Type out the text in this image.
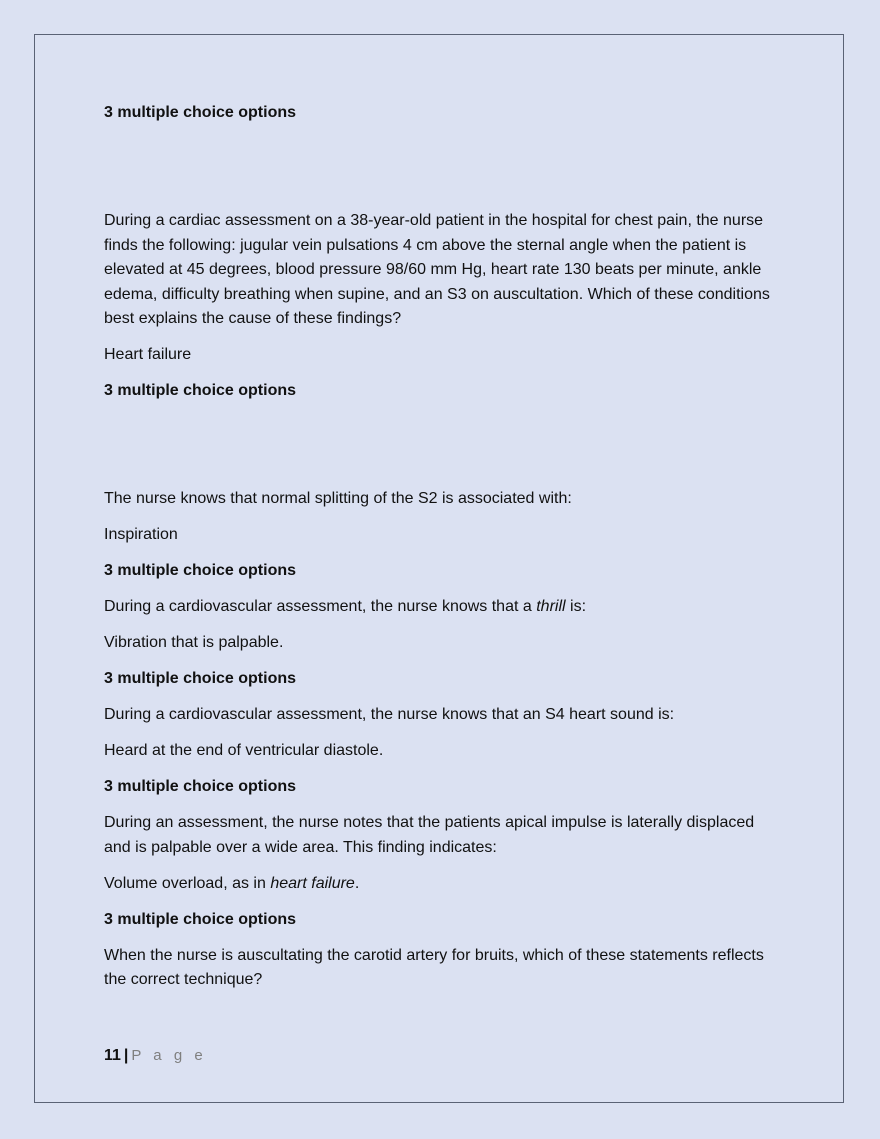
3 multiple choice options

During a cardiac assessment on a 38-year-old patient in the hospital for chest pain, the nurse finds the following: jugular vein pulsations 4 cm above the sternal angle when the patient is elevated at 45 degrees, blood pressure 98/60 mm Hg, heart rate 130 beats per minute, ankle edema, difficulty breathing when supine, and an S3 on auscultation. Which of these conditions best explains the cause of these findings?

Heart failure

3 multiple choice options

The nurse knows that normal splitting of the S2 is associated with:

Inspiration

3 multiple choice options

During a cardiovascular assessment, the nurse knows that a thrill is:

Vibration that is palpable.

3 multiple choice options

During a cardiovascular assessment, the nurse knows that an S4 heart sound is:

Heard at the end of ventricular diastole.

3 multiple choice options

During an assessment, the nurse notes that the patients apical impulse is laterally displaced and is palpable over a wide area. This finding indicates:

Volume overload, as in heart failure.

3 multiple choice options

When the nurse is auscultating the carotid artery for bruits, which of these statements reflects the correct technique?

11 | P a g e
